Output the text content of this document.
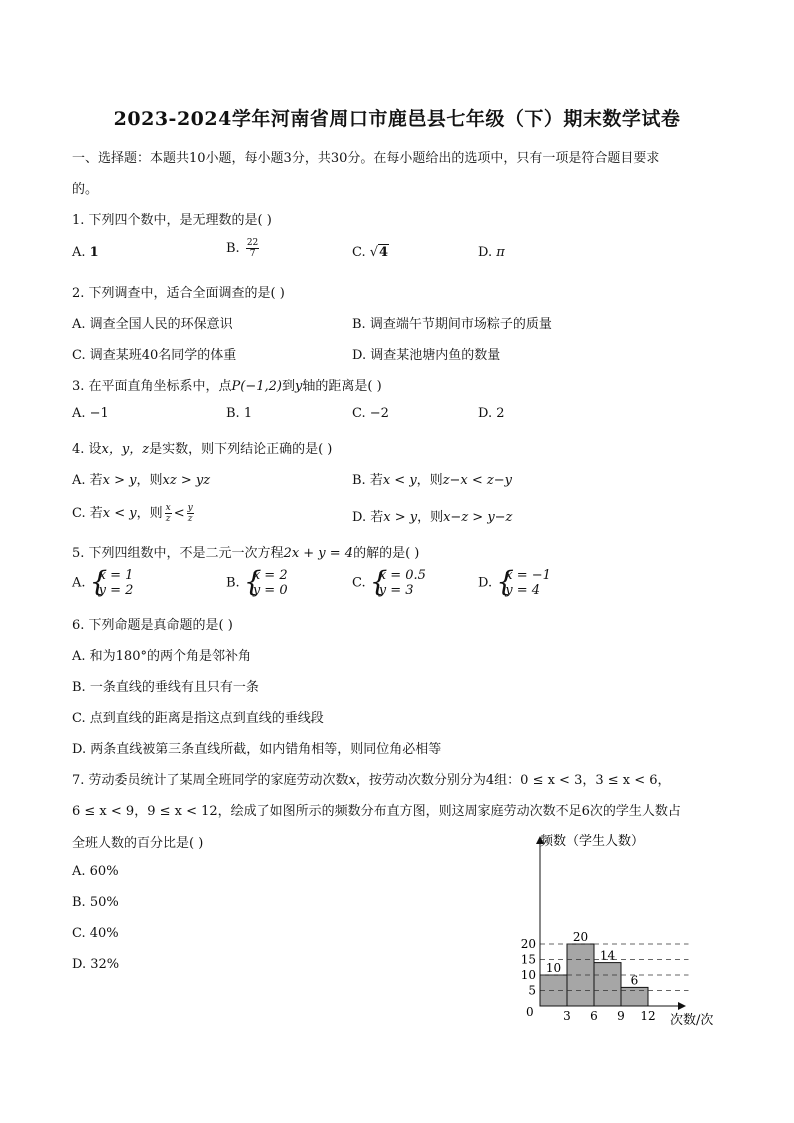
2023-2024学年河南省周口市鹿邑县七年级（下）期末数学试卷
一、选择题：本题共10小题，每小题3分，共30分。在每小题给出的选项中，只有一项是符合题目要求
的。
1. 下列四个数中，是无理数的是( )
A. 1	B. $\frac{22}{7}$	C. √4	D. π
2. 下列调查中，适合全面调查的是( )
A. 调查全国人民的环保意识	B. 调查端午节期间市场粽子的质量
C. 调查某班40名同学的体重	D. 调查某池塘内鱼的数量
3. 在平面直角坐标系中，点P(−1,2)到y轴的距离是( )
A. −1	B. 1	C. −2	D. 2
4. 设x，y，z是实数，则下列结论正确的是( )
A. 若x > y，则xz > yz	B. 若x < y，则z−x < z−y
C. 若x < y，则 $\frac{x}{z} < \frac{y}{z}$	D. 若x > y，则x−z > y−z
5. 下列四组数中，不是二元一次方程2x + y = 4的解的是( )
A. {
x = 1
y = 2	B. {
x = 2
y = 0	C. {
x = 0.5
y = 3	D. {
x = −1
y = 4
6. 下列命题是真命题的是( )
A. 和为180°的两个角是邻补角
B. 一条直线的垂线有且只有一条
C. 点到直线的距离是指这点到直线的垂线段
D. 两条直线被第三条直线所截，如内错角相等，则同位角必相等
7. 劳动委员统计了某周全班同学的家庭劳动次数x，按劳动次数分别分为4组：0 ≤ x < 3，3 ≤ x < 6，
6 ≤ x < 9，9 ≤ x < 12，绘成了如图所示的频数分布直方图，则这周家庭劳动次数不足6次的学生人数占
全班人数的百分比是( )
A. 60%
B. 50%
C. 40%
D. 32%
频数（学生人数）
次数/次
0
10
20
14
6
5
10
15
20
3 6 9 12
